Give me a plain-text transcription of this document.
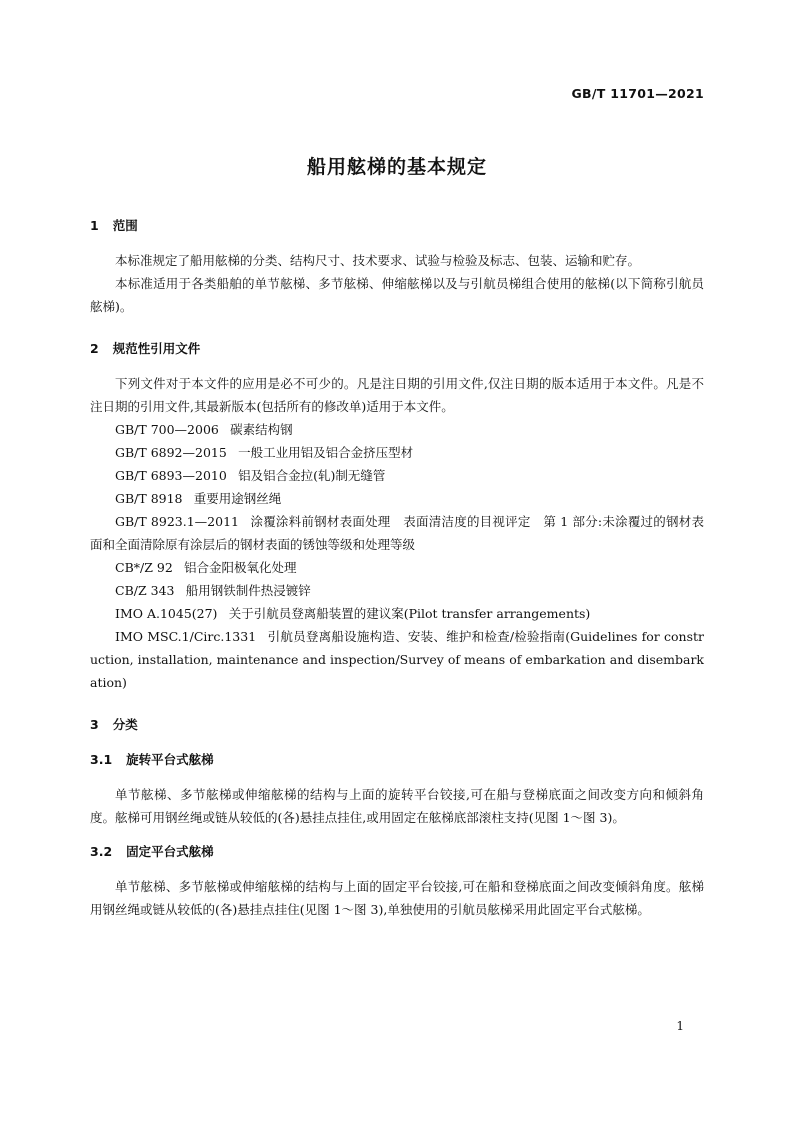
GB/T 11701—2021

船用舷梯的基本规定
1 范围

本标准规定了船用舷梯的分类、结构尺寸、技术要求、试验与检验及标志、包装、运输和贮存。

本标准适用于各类船舶的单节舷梯、多节舷梯、伸缩舷梯以及与引航员梯组合使用的舷梯(以下简称引航员舷梯)。

2 规范性引用文件

下列文件对于本文件的应用是必不可少的。凡是注日期的引用文件,仅注日期的版本适用于本文件。凡是不注日期的引用文件,其最新版本(包括所有的修改单)适用于本文件。

GB/T 700—2006 碳素结构钢

GB/T 6892—2015 一般工业用铝及铝合金挤压型材

GB/T 6893—2010 铝及铝合金拉(轧)制无缝管

GB/T 8918 重要用途钢丝绳

GB/T 8923.1—2011 涂覆涂料前钢材表面处理　表面清洁度的目视评定　第 1 部分:未涂覆过的钢材表面和全面清除原有涂层后的钢材表面的锈蚀等级和处理等级

CB*/Z 92 铝合金阳极氧化处理

CB/Z 343 船用钢铁制件热浸镀锌

IMO A.1045(27) 关于引航员登离船装置的建议案(Pilot transfer arrangements)

IMO MSC.1/Circ.1331 引航员登离船设施构造、安装、维护和检查/检验指南(Guidelines for construction, installation, maintenance and inspection/Survey of means of embarkation and disembarkation)

3 分类
3.1 旋转平台式舷梯

单节舷梯、多节舷梯或伸缩舷梯的结构与上面的旋转平台铰接,可在船与登梯底面之间改变方向和倾斜角度。舷梯可用钢丝绳或链从较低的(各)悬挂点挂住,或用固定在舷梯底部滚柱支持(见图 1～图 3)。

3.2 固定平台式舷梯

单节舷梯、多节舷梯或伸缩舷梯的结构与上面的固定平台铰接,可在船和登梯底面之间改变倾斜角度。舷梯用钢丝绳或链从较低的(各)悬挂点挂住(见图 1～图 3),单独使用的引航员舷梯采用此固定平台式舷梯。

1
